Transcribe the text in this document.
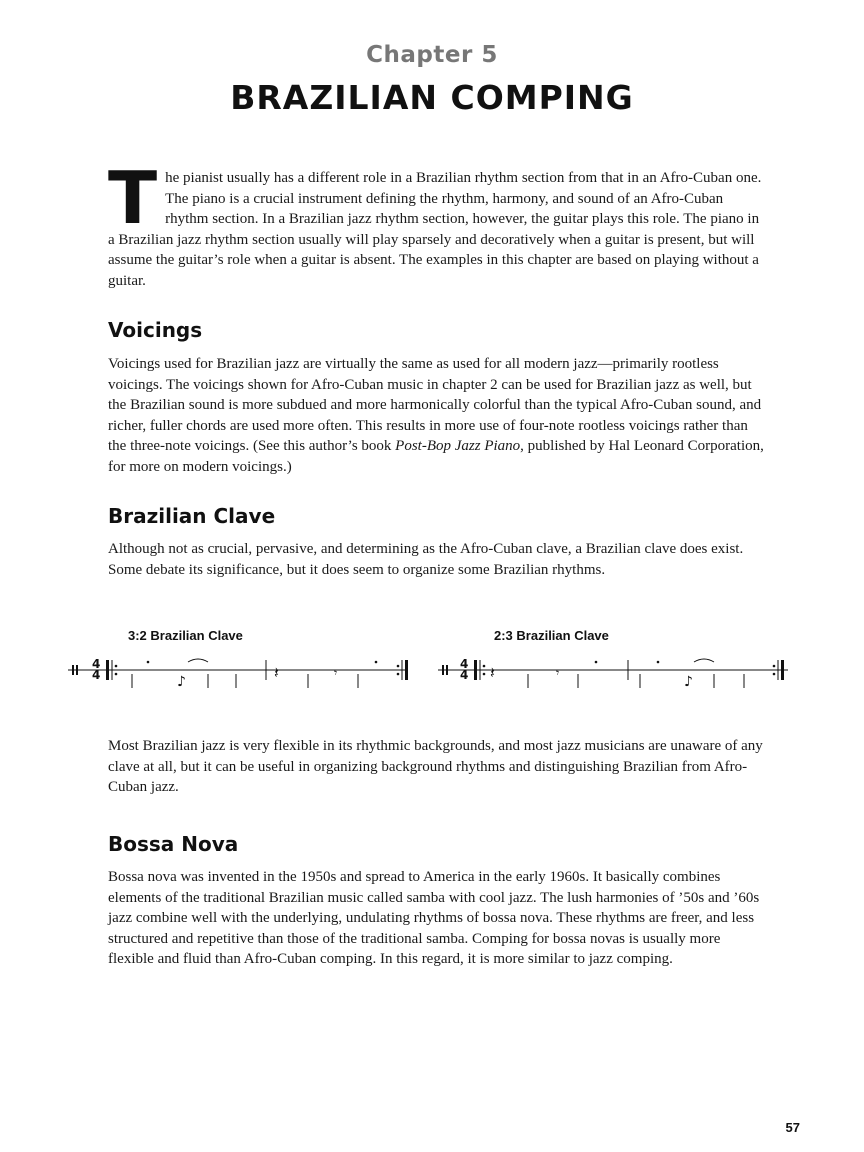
Chapter 5
BRAZILIAN COMPING

The pianist usually has a different role in a Brazilian rhythm section from that in an Afro-Cuban one. The piano is a crucial instrument defining the rhythm, harmony, and sound of an Afro-Cuban rhythm section. In a Brazilian jazz rhythm section, however, the guitar plays this role. The piano in a Brazilian jazz rhythm section usually will play sparsely and decoratively when a guitar is present, but will assume the guitar’s role when a guitar is absent. The examples in this chapter are based on playing without a guitar.

Voicings

Voicings used for Brazilian jazz are virtually the same as used for all modern jazz—primarily rootless voicings. The voicings shown for Afro-Cuban music in chapter 2 can be used for Brazilian jazz as well, but the Brazilian sound is more subdued and more harmonically colorful than the typical Afro-Cuban sound, and richer, fuller chords are used more often. This results in more use of four-note rootless voicings rather than the three-note voicings. (See this author’s book Post-Bop Jazz Piano, published by Hal Leonard Corporation, for more on modern voicings.)

Brazilian Clave

Although not as crucial, pervasive, and determining as the Afro-Cuban clave, a Brazilian clave does exist. Some debate its significance, but it does seem to organize some Brazilian rhythms.

3:2 Brazilian Clave
4
4	♪	𝄽	𝄾
2:3 Brazilian Clave
4
4 𝄽	𝄾
♪

Most Brazilian jazz is very flexible in its rhythmic backgrounds, and most jazz musicians are unaware of any clave at all, but it can be useful in organizing background rhythms and distinguishing Brazilian from Afro-Cuban jazz.

Bossa Nova

Bossa nova was invented in the 1950s and spread to America in the early 1960s. It basically combines elements of the traditional Brazilian music called samba with cool jazz. The lush harmonies of ’50s and ’60s jazz combine well with the underlying, undulating rhythms of bossa nova. These rhythms are freer, and less structured and repetitive than those of the traditional samba. Comping for bossa novas is usually more flexible and fluid than Afro-Cuban comping. In this regard, it is more similar to jazz comping.

57
